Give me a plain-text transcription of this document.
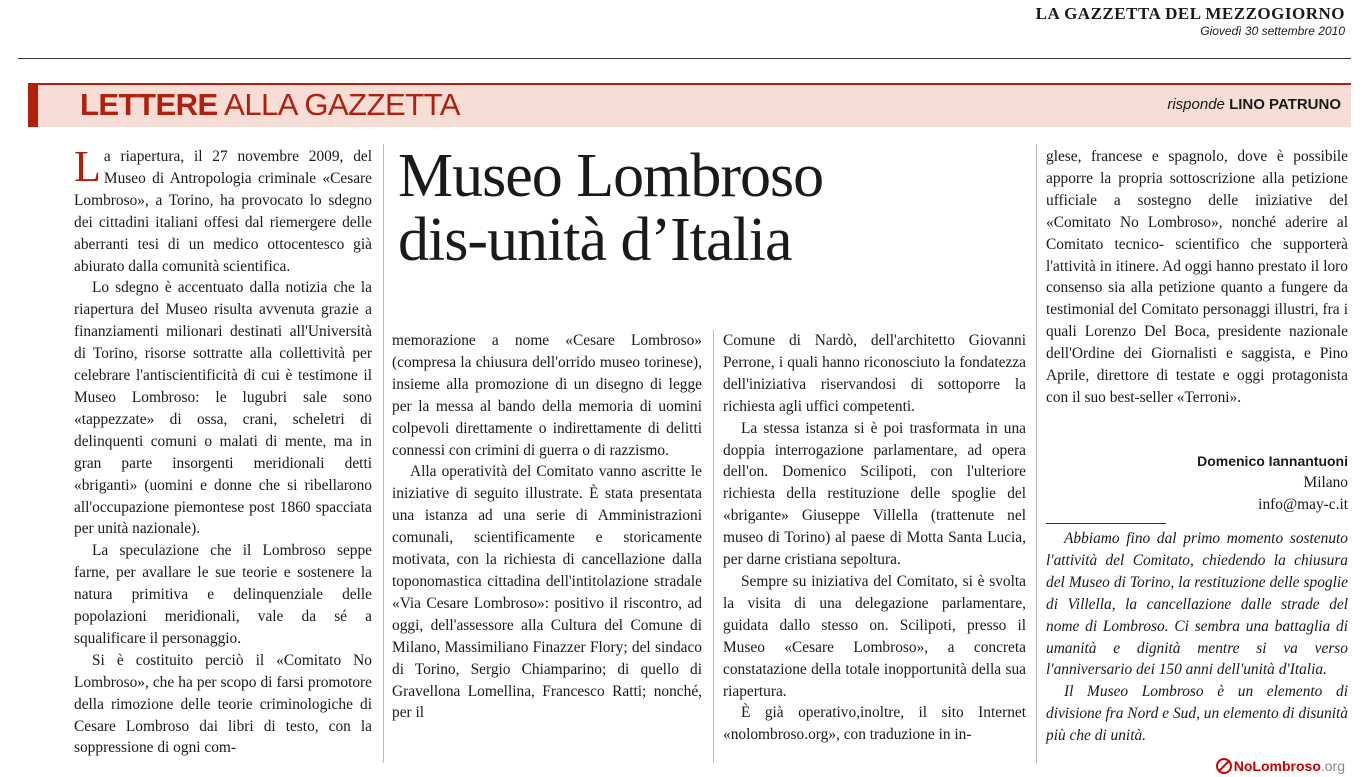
LA GAZZETTA DEL MEZZOGIORNO
Giovedì 30 settembre 2010
LETTERE ALLA GAZZETTA	risponde LINO PATRUNO

La riapertura, il 27 novembre 2009, del Museo di Antropologia criminale «Cesare Lombroso», a Torino, ha provocato lo sdegno dei cittadini italiani offesi dal riemergere delle aberranti tesi di un medico ottocentesco già abiurato dalla comunità scientifica.

Lo sdegno è accentuato dalla notizia che la riapertura del Museo risulta avvenuta grazie a finanziamenti milionari destinati all'Università di Torino, risorse sottratte alla collettività per celebrare l'antiscientificità di cui è testimone il Museo Lombroso: le lugubri sale sono «tappezzate» di ossa, crani, scheletri di delinquenti comuni o malati di mente, ma in gran parte insorgenti meridionali detti «briganti» (uomini e donne che si ribellarono all'occupazione piemontese post 1860 spacciata per unità nazionale).

La speculazione che il Lombroso seppe farne, per avallare le sue teorie e sostenere la natura primitiva e delinquenziale delle popolazioni meridionali, vale da sé a squalificare il personaggio.

Si è costituito perciò il «Comitato No Lombroso», che ha per scopo di farsi promotore della rimozione delle teorie criminologiche di Cesare Lombroso dai libri di testo, con la soppressione di ogni com-

Museo Lombroso
dis-unità d’Italia

memorazione a nome «Cesare Lombroso» (compresa la chiusura dell'orrido museo torinese), insieme alla promozione di un disegno di legge per la messa al bando della memoria di uomini colpevoli direttamente o indirettamente di delitti connessi con crimini di guerra o di razzismo.

Alla operatività del Comitato vanno ascritte le iniziative di seguito illustrate. È stata presentata una istanza ad una serie di Amministrazioni comunali, scientificamente e storicamente motivata, con la richiesta di cancellazione dalla toponomastica cittadina dell'intitolazione stradale «Via Cesare Lombroso»: positivo il riscontro, ad oggi, dell'assessore alla Cultura del Comune di Milano, Massimiliano Finazzer Flory; del sindaco di Torino, Sergio Chiamparino; di quello di Gravellona Lomellina, Francesco Ratti; nonché, per il

Comune di Nardò, dell'architetto Giovanni Perrone, i quali hanno riconosciuto la fondatezza dell'iniziativa riservandosi di sottoporre la richiesta agli uffici competenti.

La stessa istanza si è poi trasformata in una doppia interrogazione parlamentare, ad opera dell'on. Domenico Scilipoti, con l'ulteriore richiesta della restituzione delle spoglie del «brigante» Giuseppe Villella (trattenute nel museo di Torino) al paese di Motta Santa Lucia, per darne cristiana sepoltura.

Sempre su iniziativa del Comitato, si è svolta la visita di una delegazione parlamentare, guidata dallo stesso on. Scilipoti, presso il Museo «Cesare Lombroso», a concreta constatazione della totale inopportunità della sua riapertura.

È già operativo,inoltre, il sito Internet «nolombroso.org», con traduzione in in-

glese, francese e spagnolo, dove è possibile apporre la propria sottoscrizione alla petizione ufficiale a sostegno delle iniziative del «Comitato No Lombroso», nonché aderire al Comitato tecnico- scientifico che supporterà l'attività in itinere. Ad oggi hanno prestato il loro consenso sia alla petizione quanto a fungere da testimonial del Comitato personaggi illustri, fra i quali Lorenzo Del Boca, presidente nazionale dell'Ordine dei Giornalisti e saggista, e Pino Aprile, direttore di testate e oggi protagonista con il suo best-seller «Terroni».

Domenico Iannantuoni
Milano
info@may-c.it

Abbiamo fino dal primo momento sostenuto l'attività del Comitato, chiedendo la chiusura del Museo di Torino, la restituzione delle spoglie di Villella, la cancellazione dalle strade del nome di Lombroso. Ci sembra una battaglia di umanità e dignità mentre si va verso l'anniversario dei 150 anni dell'unità d'Italia.

Il Museo Lombroso è un elemento di divisione fra Nord e Sud, un elemento di disunità più che di unità.

NoLombroso.org
